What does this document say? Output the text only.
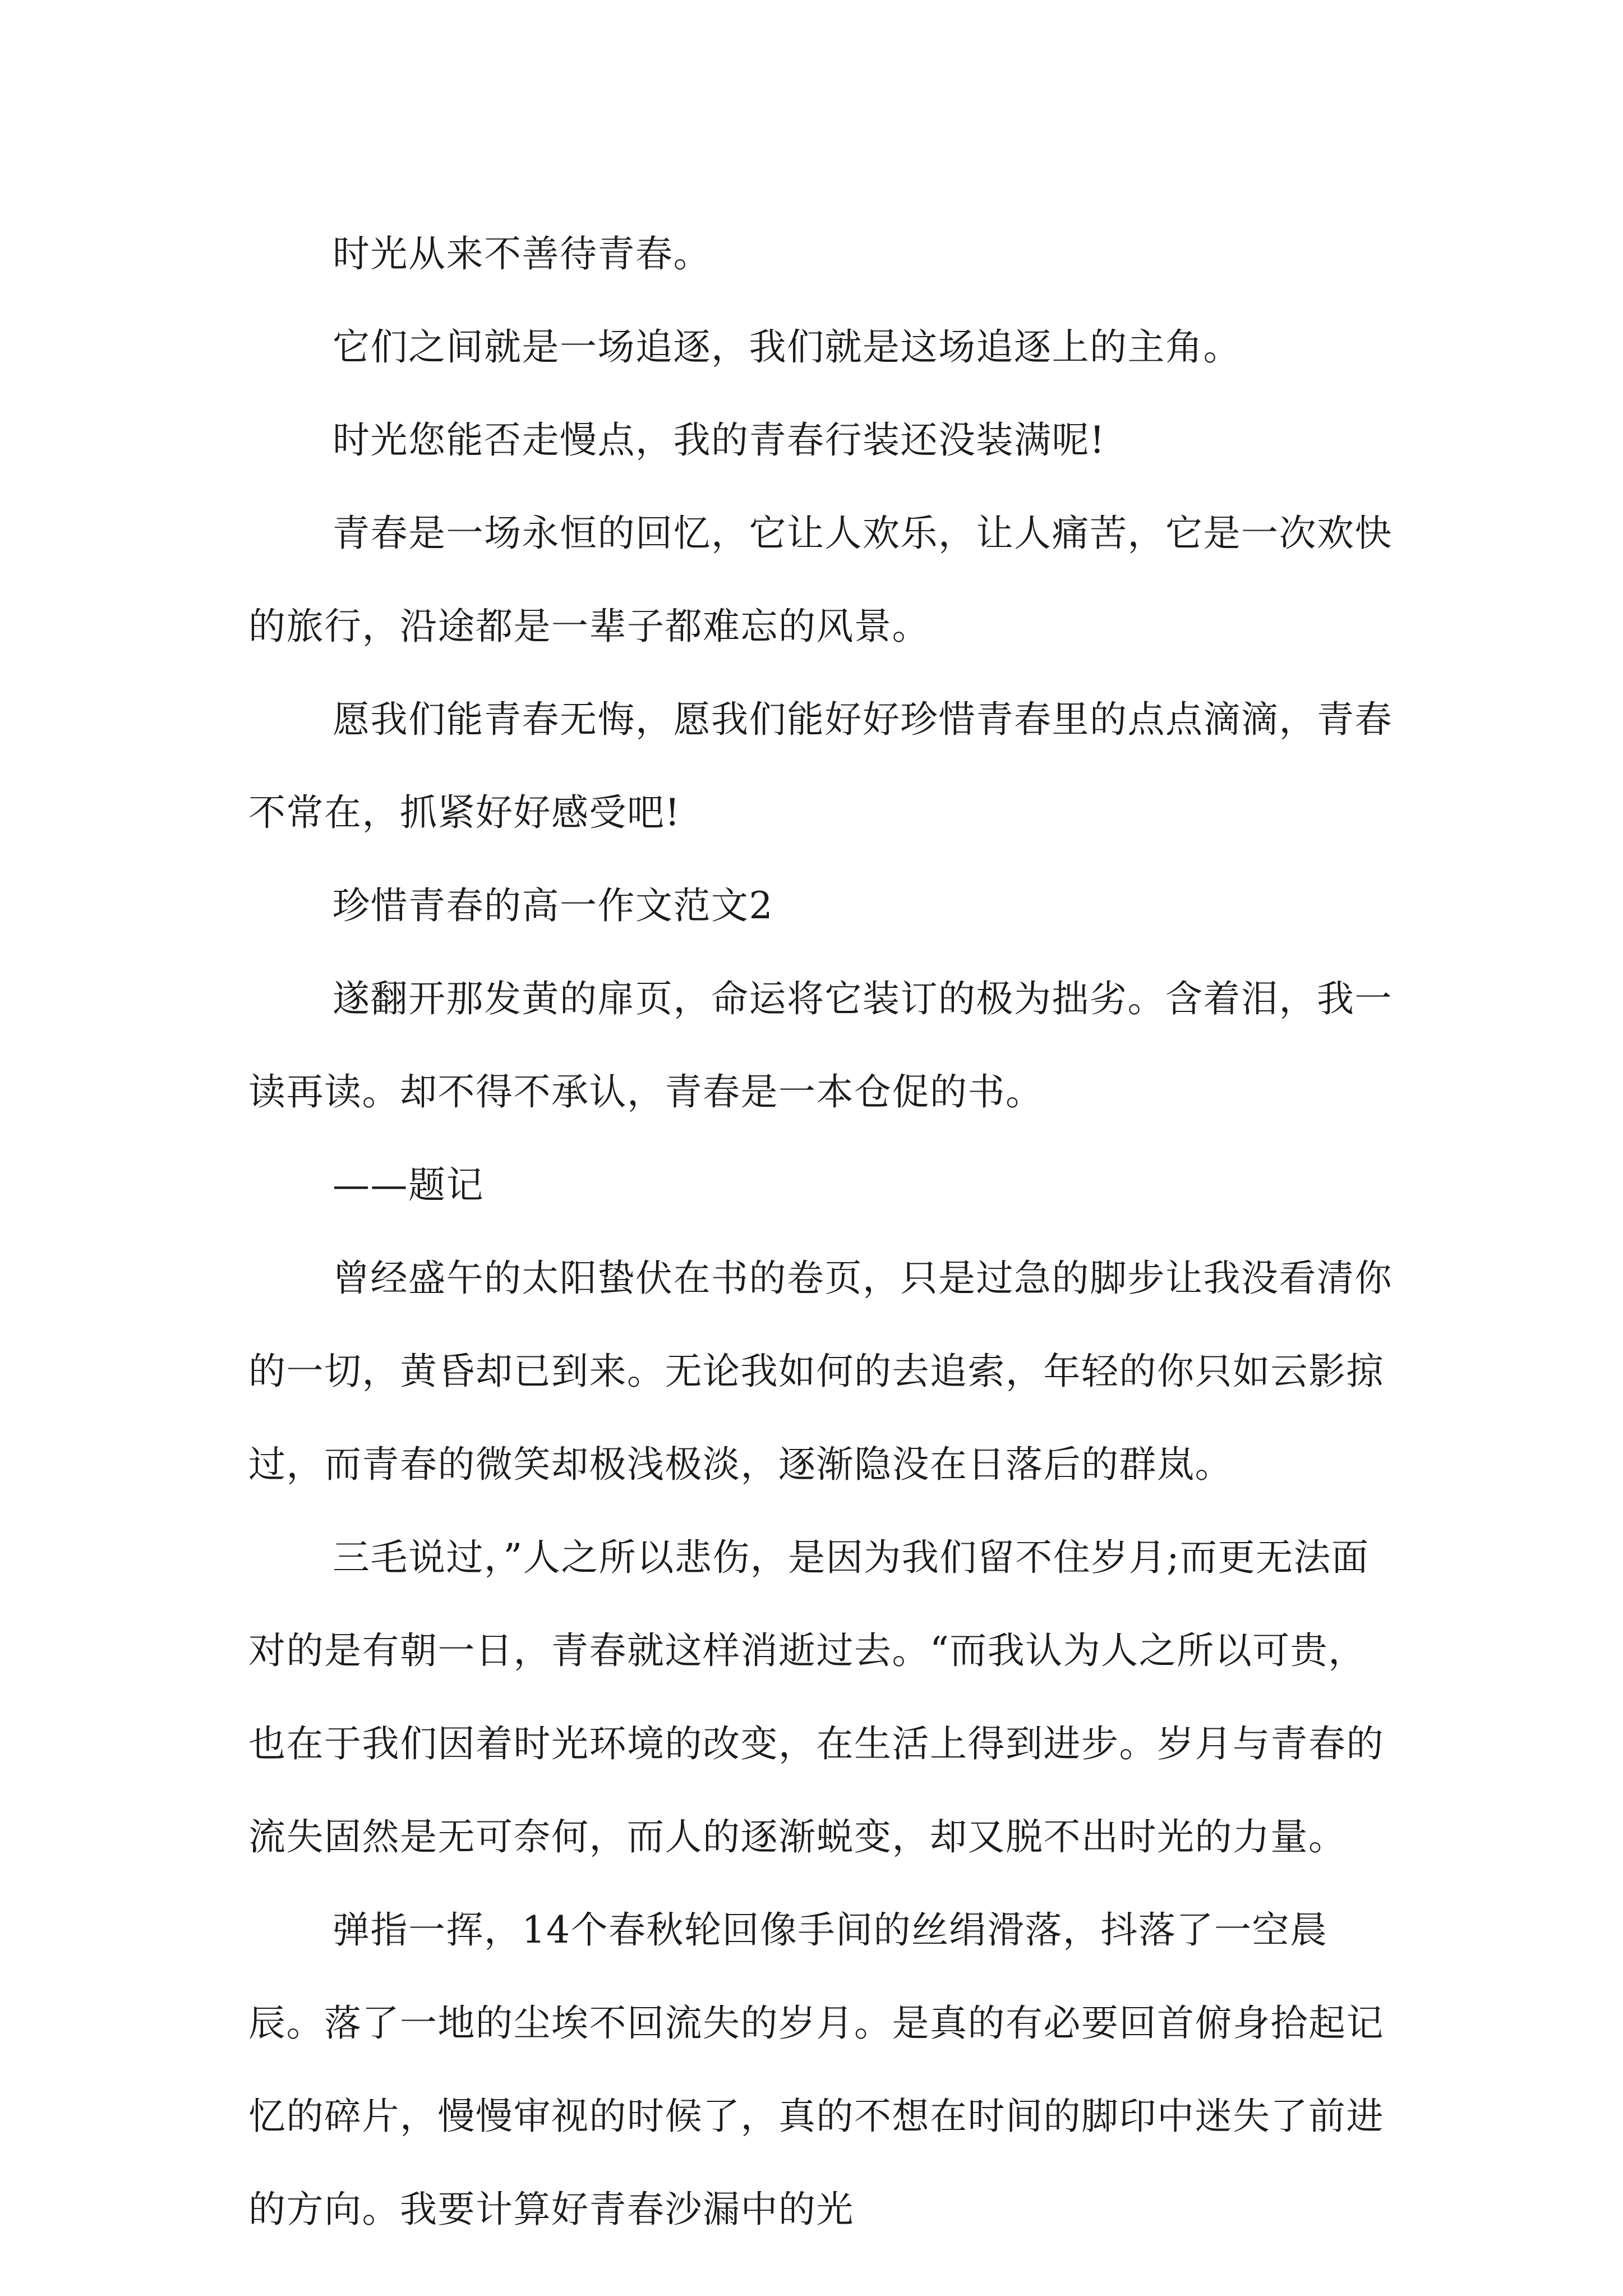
时光从来不善待青春。

它们之间就是一场追逐，我们就是这场追逐上的主角。

时光您能否走慢点，我的青春行装还没装满呢!

青春是一场永恒的回忆，它让人欢乐，让人痛苦，它是一次欢快的旅行，沿途都是一辈子都难忘的风景。

愿我们能青春无悔，愿我们能好好珍惜青春里的点点滴滴，青春不常在，抓紧好好感受吧!

珍惜青春的高一作文范文2

遂翻开那发黄的扉页，命运将它装订的极为拙劣。含着泪，我一读再读。却不得不承认，青春是一本仓促的书。

——题记

曾经盛午的太阳蛰伏在书的卷页，只是过急的脚步让我没看清你的一切，黄昏却已到来。无论我如何的去追索，年轻的你只如云影掠过，而青春的微笑却极浅极淡，逐渐隐没在日落后的群岚。

三毛说过，”人之所以悲伤，是因为我们留不住岁月;而更无法面对的是有朝一日，青春就这样消逝过去。“而我认为人之所以可贵，也在于我们因着时光环境的改变，在生活上得到进步。岁月与青春的流失固然是无可奈何，而人的逐渐蜕变，却又脱不出时光的力量。

弹指一挥，14个春秋轮回像手间的丝绢滑落，抖落了一空晨辰。落了一地的尘埃不回流失的岁月。是真的有必要回首俯身拾起记忆的碎片，慢慢审视的时候了，真的不想在时间的脚印中迷失了前进的方向。我要计算好青春沙漏中的光
